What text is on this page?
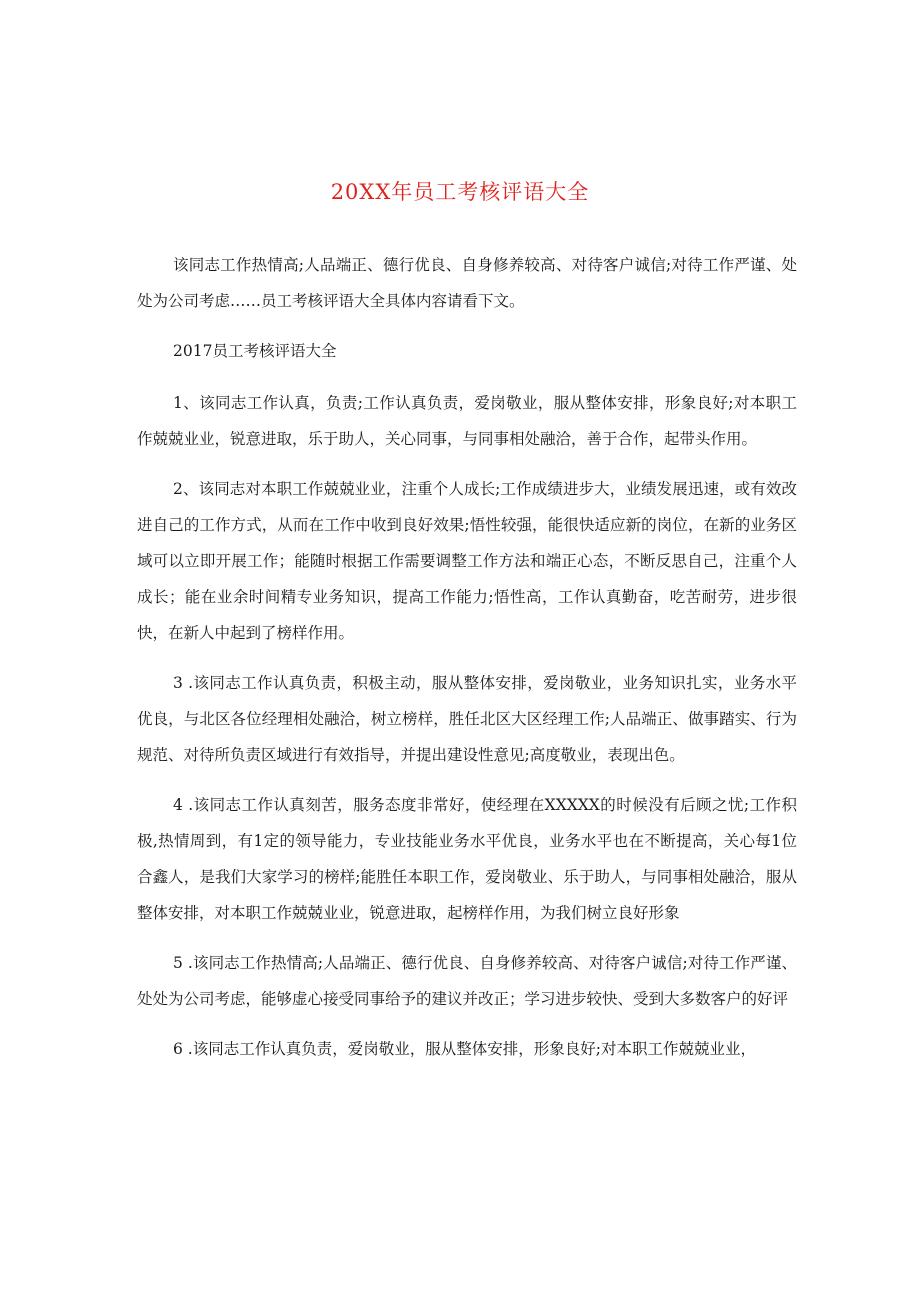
20XX年员工考核评语大全

该同志工作热情高;人品端正、德行优良、自身修养较高、对待客户诚信;对待工作严谨、处处为公司考虑……员工考核评语大全具体内容请看下文。

2017员工考核评语大全

1、该同志工作认真，负责;工作认真负责，爱岗敬业，服从整体安排，形象良好;对本职工作兢兢业业，锐意进取，乐于助人，关心同事，与同事相处融洽，善于合作，起带头作用。

2、该同志对本职工作兢兢业业，注重个人成长;工作成绩进步大，业绩发展迅速，或有效改进自己的工作方式，从而在工作中收到良好效果;悟性较强，能很快适应新的岗位，在新的业务区域可以立即开展工作；能随时根据工作需要调整工作方法和端正心态，不断反思自己，注重个人成长；能在业余时间精专业务知识，提高工作能力;悟性高，工作认真勤奋，吃苦耐劳，进步很快，在新人中起到了榜样作用。

3 .该同志工作认真负责，积极主动，服从整体安排，爱岗敬业，业务知识扎实，业务水平优良，与北区各位经理相处融洽，树立榜样，胜任北区大区经理工作;人品端正、做事踏实、行为规范、对待所负责区域进行有效指导，并提出建设性意见;高度敬业，表现出色。

4 .该同志工作认真刻苦，服务态度非常好，使经理在XXXXX的时候没有后顾之忧;工作积极,热情周到，有1定的领导能力，专业技能业务水平优良，业务水平也在不断提高，关心每1位合鑫人，是我们大家学习的榜样;能胜任本职工作，爱岗敬业、乐于助人，与同事相处融洽，服从整体安排，对本职工作兢兢业业，锐意进取，起榜样作用，为我们树立良好形象

5 .该同志工作热情高;人品端正、德行优良、自身修养较高、对待客户诚信;对待工作严谨、处处为公司考虑，能够虚心接受同事给予的建议并改正；学习进步较快、受到大多数客户的好评

6 .该同志工作认真负责，爱岗敬业，服从整体安排，形象良好;对本职工作兢兢业业，
